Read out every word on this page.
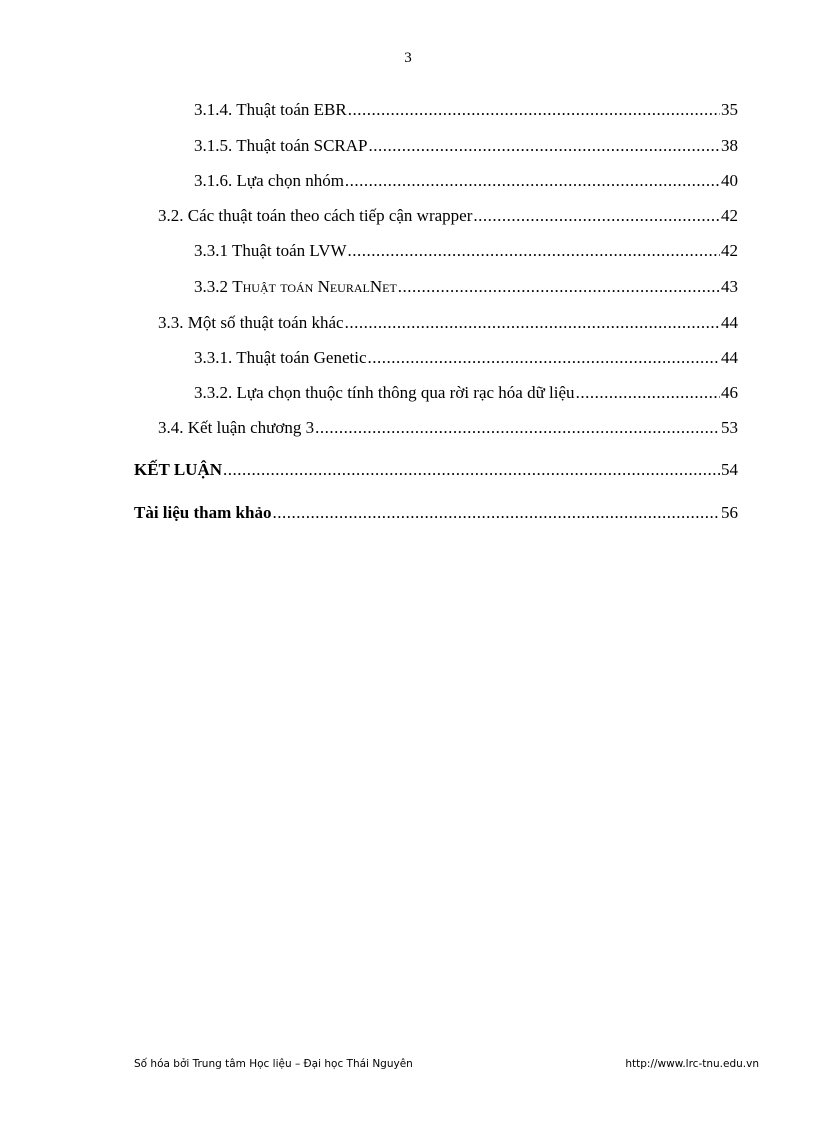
3
3.1.4. Thuật toán EBR .....	35
3.1.5. Thuật toán SCRAP .....	38
3.1.6. Lựa chọn nhóm .....	40
3.2. Các thuật toán theo cách tiếp cận wrapper .....	42
3.3.1 Thuật toán LVW .....	42
3.3.2 Thuật toán NeuralNet .....	43
3.3. Một số thuật toán khác .....	44
3.3.1. Thuật toán Genetic .....	44
3.3.2. Lựa chọn thuộc tính thông qua rời rạc hóa dữ liệu .....	46
3.4. Kết luận chương 3 .....	53
KẾT LUẬN .....	54
Tài liệu tham khảo .....	56
Số hóa bởi Trung tâm Học liệu – Đại học Thái Nguyên	http://www.lrc-tnu.edu.vn
